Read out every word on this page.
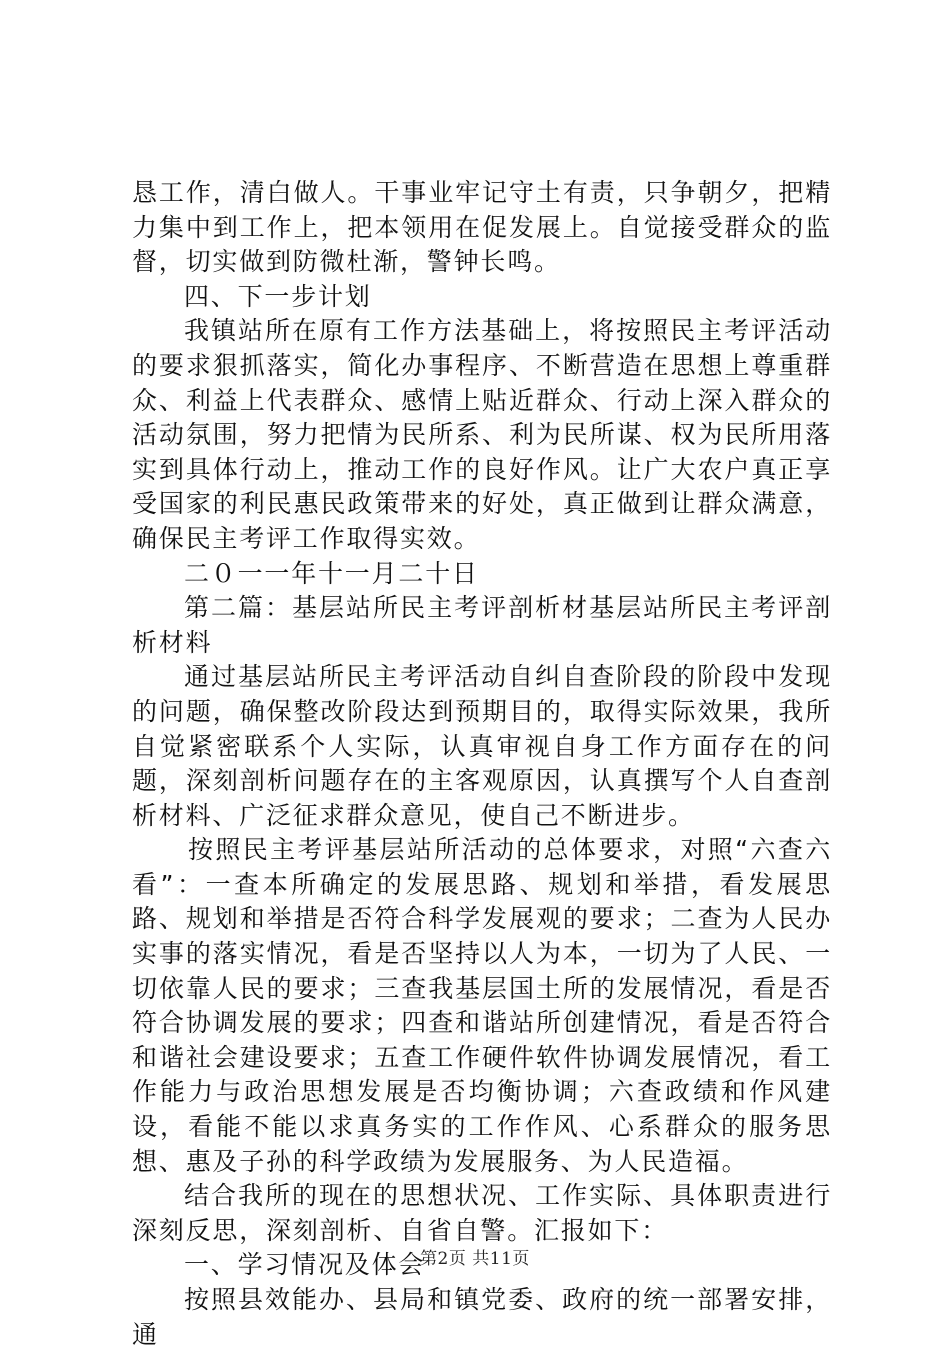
恳工作，清白做人。干事业牢记守土有责，只争朝夕，把精力集中到工作上，把本领用在促发展上。自觉接受群众的监督，切实做到防微杜渐，警钟长鸣。

四、下一步计划

我镇站所在原有工作方法基础上，将按照民主考评活动的要求狠抓落实，简化办事程序、不断营造在思想上尊重群众、利益上代表群众、感情上贴近群众、行动上深入群众的活动氛围，努力把情为民所系、利为民所谋、权为民所用落实到具体行动上，推动工作的良好作风。让广大农户真正享受国家的利民惠民政策带来的好处，真正做到让群众满意，确保民主考评工作取得实效。

二０一一年十一月二十日

第二篇：基层站所民主考评剖析材基层站所民主考评剖析材料

通过基层站所民主考评活动自纠自查阶段的阶段中发现的问题，确保整改阶段达到预期目的，取得实际效果，我所自觉紧密联系个人实际，认真审视自身工作方面存在的问题，深刻剖析问题存在的主客观原因，认真撰写个人自查剖析材料、广泛征求群众意见，使自己不断进步。

按照民主考评基层站所活动的总体要求，对照“六查六看”：一查本所确定的发展思路、规划和举措，看发展思路、规划和举措是否符合科学发展观的要求；二查为人民办实事的落实情况，看是否坚持以人为本，一切为了人民、一切依靠人民的要求；三查我基层国土所的发展情况，看是否符合协调发展的要求；四查和谐站所创建情况，看是否符合和谐社会建设要求；五查工作硬件软件协调发展情况，看工作能力与政治思想发展是否均衡协调；六查政绩和作风建设，看能不能以求真务实的工作作风、心系群众的服务思想、惠及子孙的科学政绩为发展服务、为人民造福。

结合我所的现在的思想状况、工作实际、具体职责进行深刻反思，深刻剖析、自省自警。汇报如下：

一、学习情况及体会

按照县效能办、县局和镇党委、政府的统一部署安排，通

第2页 共11页
